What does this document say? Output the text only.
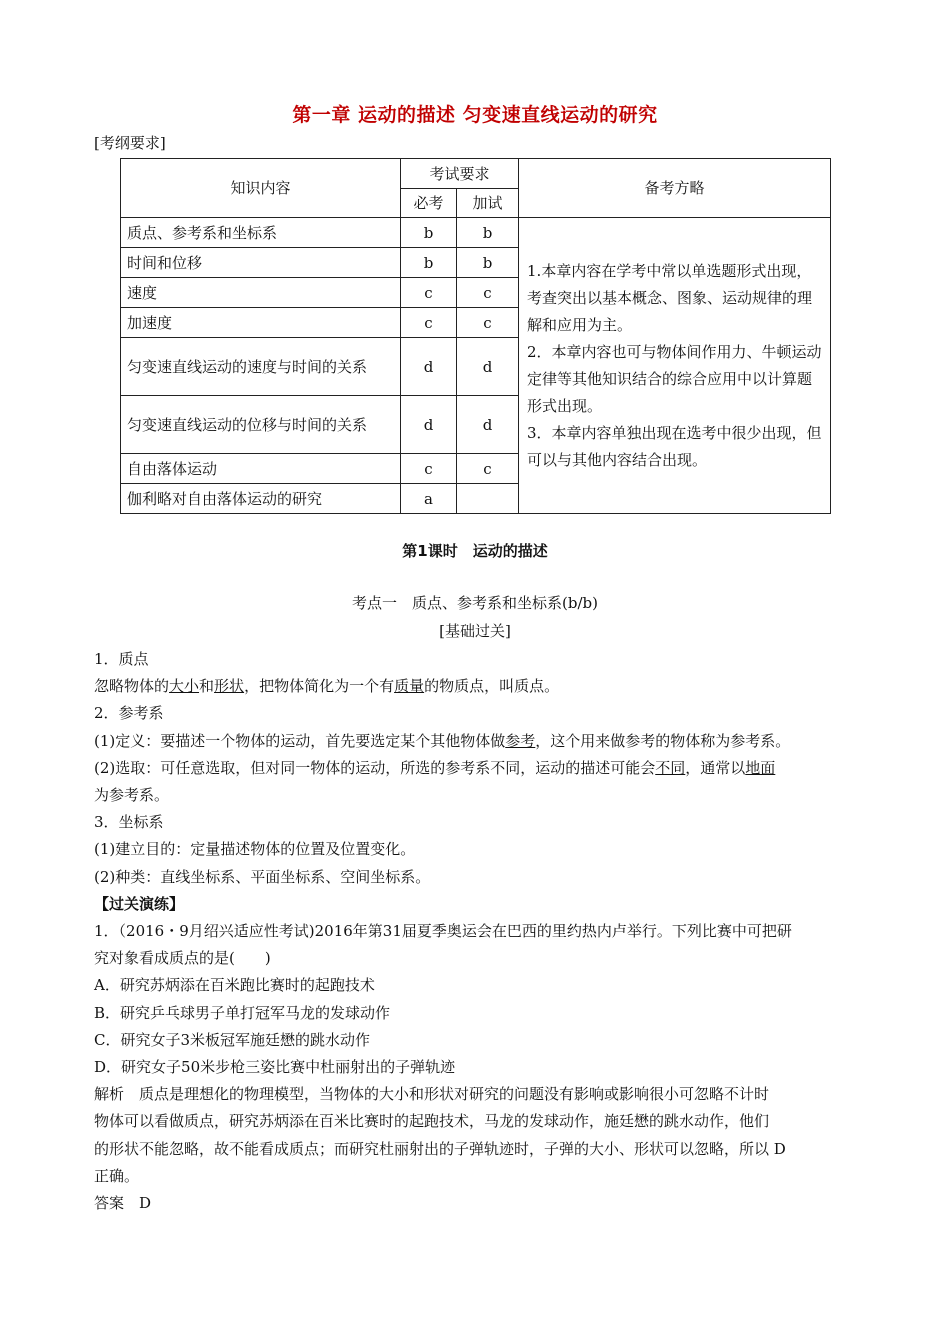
第一章 运动的描述 匀变速直线运动的研究
[考纲要求]
知识内容	考试要求		备考方略
	必考	加试	
质点、参考系和坐标系	b	b	1.本章内容在学考中常以单选题形式出现，考查突出以基本概念、图象、运动规律的理解和应用为主。
2．本章内容也可与物体间作用力、牛顿运动定律等其他知识结合的综合应用中以计算题形式出现。
3．本章内容单独出现在选考中很少出现，但可以与其他内容结合出现。

时间和位移	b	b	
速度	c	c	
加速度	c	c	
匀变速直线运动的速度与时间的关系	d	d	
匀变速直线运动的位移与时间的关系	d	d	
自由落体运动	c	c	
伽利略对自由落体运动的研究	a		
第1课时　运动的描述
考点一　质点、参考系和坐标系(b/b)
[基础过关]
1．质点
忽略物体的大小和形状，把物体简化为一个有质量的物质点，叫质点。
2．参考系
(1)定义：要描述一个物体的运动，首先要选定某个其他物体做参考，这个用来做参考的物体称为参考系。
(2)选取：可任意选取，但对同一物体的运动，所选的参考系不同，运动的描述可能会不同，通常以地面
为参考系。
3．坐标系
(1)建立目的：定量描述物体的位置及位置变化。
(2)种类：直线坐标系、平面坐标系、空间坐标系。
【过关演练】
1．（2016・9月绍兴适应性考试)2016年第31届夏季奥运会在巴西的里约热内卢举行。下列比赛中可把研
究对象看成质点的是(　　)
A．研究苏炳添在百米跑比赛时的起跑技术
B．研究乒乓球男子单打冠军马龙的发球动作
C．研究女子3米板冠军施廷懋的跳水动作
D．研究女子50米步枪三姿比赛中杜丽射出的子弹轨迹
解析　质点是理想化的物理模型，当物体的大小和形状对研究的问题没有影响或影响很小可忽略不计时
物体可以看做质点，研究苏炳添在百米比赛时的起跑技术，马龙的发球动作，施廷懋的跳水动作，他们
的形状不能忽略，故不能看成质点；而研究杜丽射出的子弹轨迹时，子弹的大小、形状可以忽略，所以 D
正确。
答案　D
